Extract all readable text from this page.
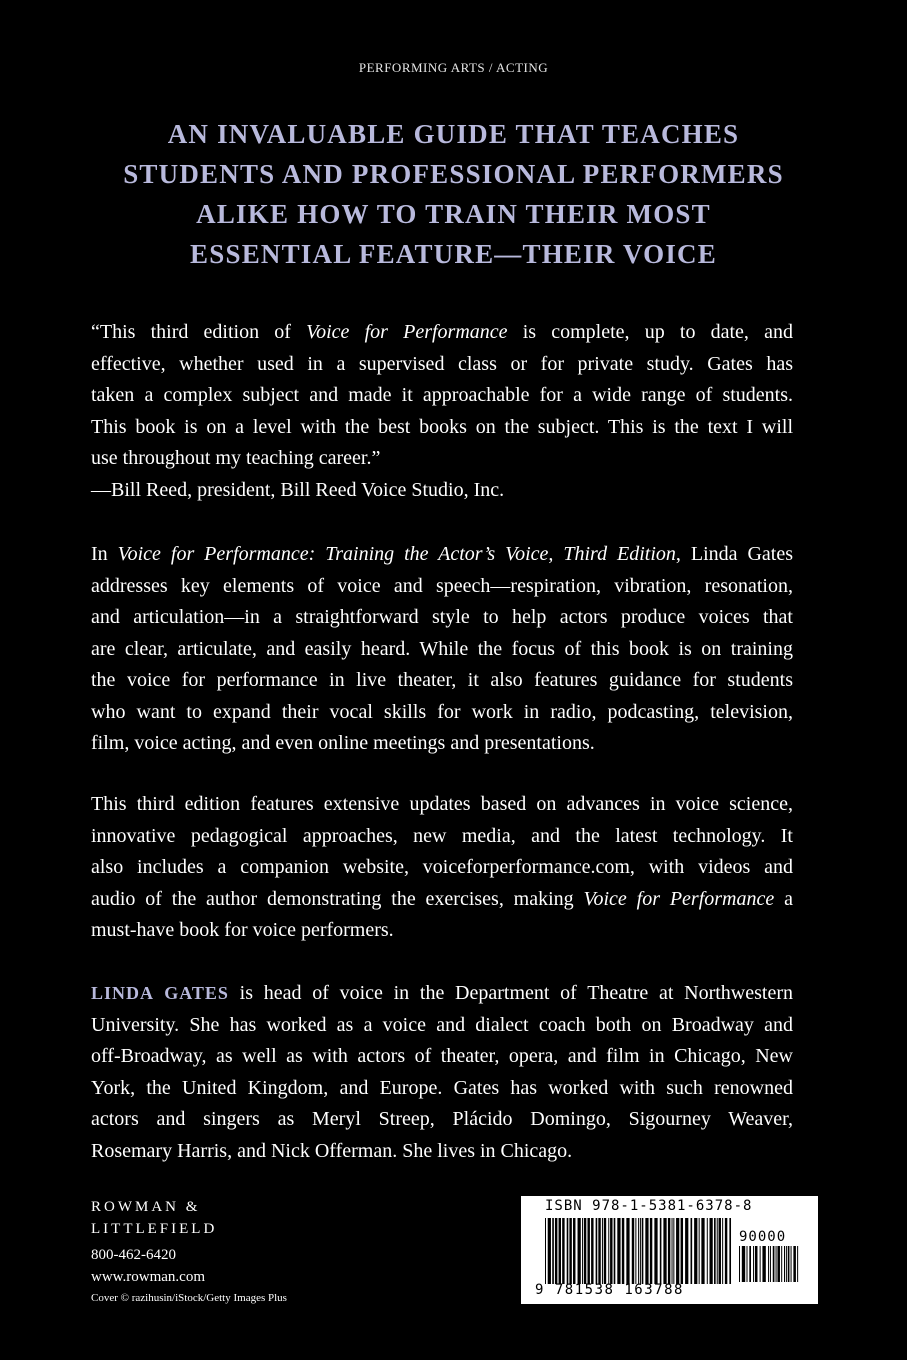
PERFORMING ARTS / ACTING
AN INVALUABLE GUIDE THAT TEACHES
STUDENTS AND PROFESSIONAL PERFORMERS
ALIKE HOW TO TRAIN THEIR MOST
ESSENTIAL FEATURE—THEIR VOICE
“This third edition of Voice for Performance is complete, up to date, and
effective, whether used in a supervised class or for private study. Gates has
taken a complex subject and made it approachable for a wide range of students.
This book is on a level with the best books on the subject. This is the text I will
use throughout my teaching career.”
—Bill Reed, president, Bill Reed Voice Studio, Inc.
In Voice for Performance: Training the Actor’s Voice, Third Edition, Linda Gates
addresses key elements of voice and speech—respiration, vibration, resonation,
and articulation—in a straightforward style to help actors produce voices that
are clear, articulate, and easily heard. While the focus of this book is on training
the voice for performance in live theater, it also features guidance for students
who want to expand their vocal skills for work in radio, podcasting, television,
film, voice acting, and even online meetings and presentations.
This third edition features extensive updates based on advances in voice science,
innovative pedagogical approaches, new media, and the latest technology. It
also includes a companion website, voiceforperformance.com, with videos and
audio of the author demonstrating the exercises, making Voice for Performance a
must-have book for voice performers.
LINDA GATES is head of voice in the Department of Theatre at Northwestern
University. She has worked as a voice and dialect coach both on Broadway and
off-Broadway, as well as with actors of theater, opera, and film in Chicago, New
York, the United Kingdom, and Europe. Gates has worked with such renowned
actors and singers as Meryl Streep, Plácido Domingo, Sigourney Weaver,
Rosemary Harris, and Nick Offerman. She lives in Chicago.
ROWMAN &
LITTLEFIELD
800-462-6420
www.rowman.com
Cover © razihusin/iStock/Getty Images Plus
ISBN 978-1-5381-6378-8
90000
9 781538 163788
